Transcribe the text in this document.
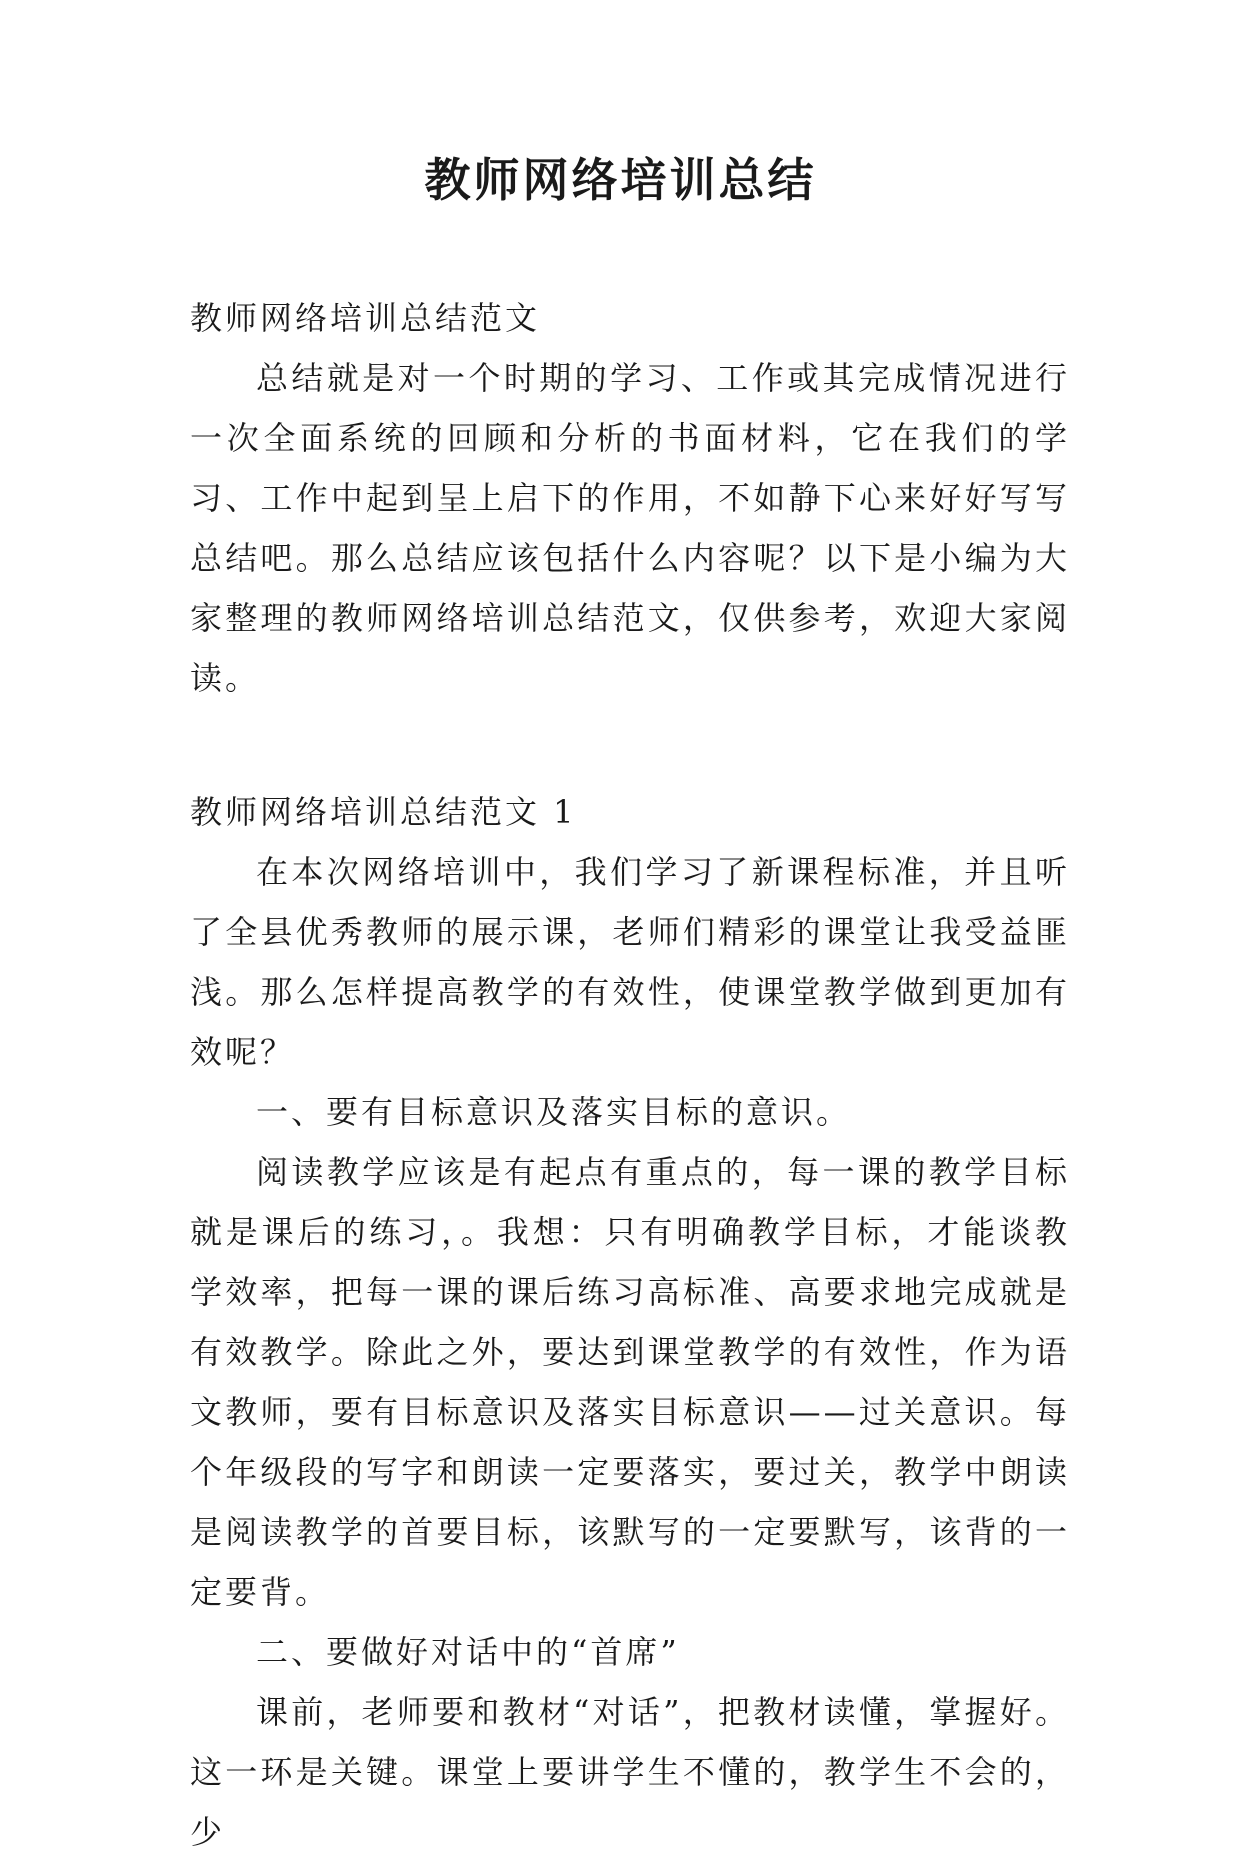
教师网络培训总结

教师网络培训总结范文

总结就是对一个时期的学习、工作或其完成情况进行一次全面系统的回顾和分析的书面材料，它在我们的学习、工作中起到呈上启下的作用，不如静下心来好好写写总结吧。那么总结应该包括什么内容呢？以下是小编为大家整理的教师网络培训总结范文，仅供参考，欢迎大家阅读。

教师网络培训总结范文 1

在本次网络培训中，我们学习了新课程标准，并且听了全县优秀教师的展示课，老师们精彩的课堂让我受益匪浅。那么怎样提高教学的有效性，使课堂教学做到更加有效呢？

一、要有目标意识及落实目标的意识。

阅读教学应该是有起点有重点的，每一课的教学目标就是课后的练习，。我想：只有明确教学目标，才能谈教学效率，把每一课的课后练习高标准、高要求地完成就是有效教学。除此之外，要达到课堂教学的有效性，作为语文教师，要有目标意识及落实目标意识——过关意识。每个年级段的写字和朗读一定要落实，要过关，教学中朗读是阅读教学的首要目标，该默写的一定要默写，该背的一定要背。

二、要做好对话中的“首席”

课前，老师要和教材“对话”，把教材读懂，掌握好。这一环是关键。课堂上要讲学生不懂的，教学生不会的，少
